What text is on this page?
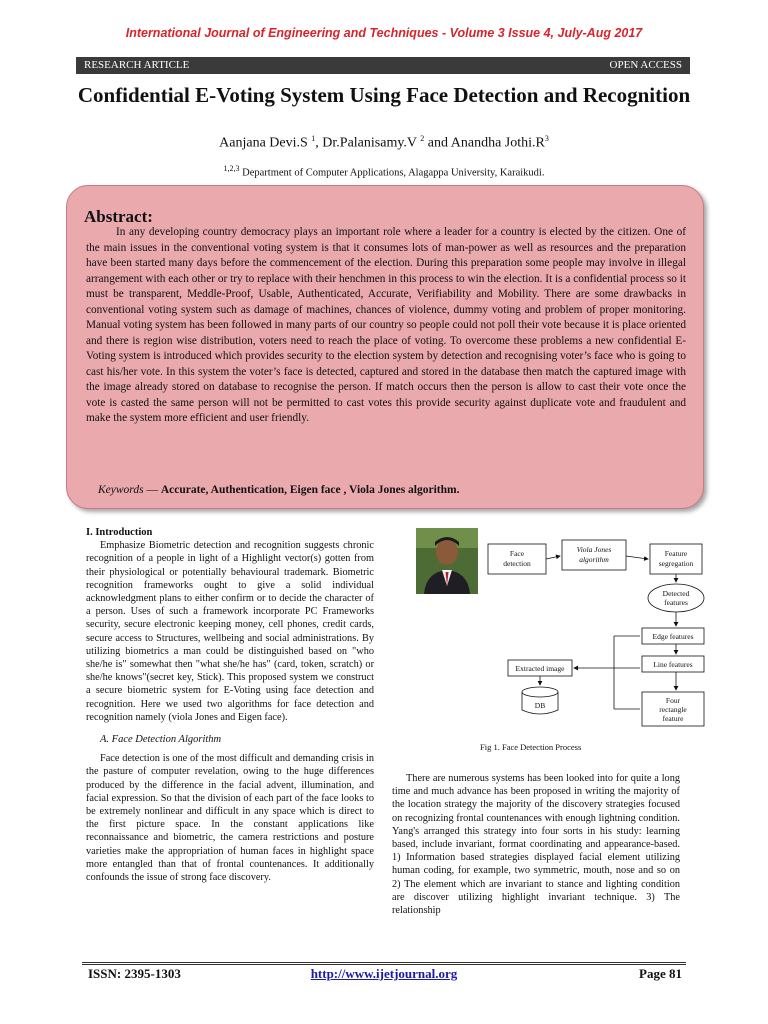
International Journal of Engineering and Techniques - Volume 3 Issue 4, July-Aug 2017
RESEARCH ARTICLE	OPEN ACCESS
Confidential E-Voting System Using Face Detection and Recognition
Aanjana Devi.S $^1$, Dr.Palanisamy.V $^2$ and Anandha $Jothi.R^3$
$^{1,2,3}$ Department of Computer Applications, Alagappa University, Karaikudi.
Abstract:
In any developing country democracy plays an important role where a leader for a country is elected by the citizen. One of the main issues in the conventional voting system is that it consumes lots of man-power as well as resources and the preparation have been started many days before the commencement of the election. During this preparation some people may involve in illegal arrangement with each other or try to replace with their henchmen in this process to win the election. It is a confidential process so it must be transparent, Meddle-Proof, Usable, Authenticated, Accurate, Verifiability and Mobility. There are some drawbacks in conventional voting system such as damage of machines, chances of violence, dummy voting and problem of proper monitoring. Manual voting system has been followed in many parts of our country so people could not poll their vote because it is place oriented and there is region wise distribution, voters need to reach the place of voting. To overcome these problems a new confidential E-Voting system is introduced which provides security to the election system by detection and recognising voter’s face who is going to cast his/her vote. In this system the voter’s face is detected, captured and stored in the database then match the captured image with the image already stored on database to recognise the person. If match occurs then the person is allow to cast their vote once the vote is casted the same person will not be permitted to cast votes this provide security against duplicate vote and fraudulent and make the system more efficient and user friendly.
Keywords — Accurate, Authentication, Eigen face , Viola Jones algorithm.

I. Introduction

Emphasize Biometric detection and recognition suggests chronic recognition of a people in light of a Highlight vector(s) gotten from their physiological or potentially behavioural trademark. Biometric recognition frameworks ought to give a solid individual acknowledgment plans to either confirm or to decide the character of a person. Uses of such a framework incorporate PC Frameworks security, secure electronic keeping money, cell phones, credit cards, secure access to Structures, wellbeing and social administrations. By utilizing biometrics a man could be distinguished based on "who she/he is" somewhat then "what she/he has" (card, token, scratch) or she/he knows"(secret key, Stick). This proposed system we construct a secure biometric system for E-Voting using face detection and recognition. Here we used two algorithms for face detection and recognition namely (viola Jones and Eigen face).

A. Face Detection Algorithm

Face detection is one of the most difficult and demanding crisis in the pasture of computer revelation, owing to the huge differences produced by the difference in the facial advent, illumination, and facial expression. So that the division of each part of the face looks to be extremely nonlinear and difficult in any space which is direct to the first picture space. In the constant applications like reconnaissance and biometric, the camera restrictions and posture varieties make the appropriation of human faces in highlight space more entangled than that of frontal countenances. It additionally confounds the issue of strong face discovery.

Face
detection
Viola Jones
algorithm
Feature
segregation
Detected
features
Edge features
Line features
Four
rectangle
feature
Extracted image
DB
Fig 1. Face Detection Process

There are numerous systems has been looked into for quite a long time and much advance has been proposed in writing the majority of the location strategy the majority of the discovery strategies focused on recognizing frontal countenances with enough lightning condition. Yang's arranged this strategy into four sorts in his study: learning based, include invariant, format coordinating and appearance-based. 1) Information based strategies displayed facial element utilizing human coding, for example, two symmetric, mouth, nose and so on 2) The element which are invariant to stance and lighting condition are discover utilizing highlight invariant technique. 3) The relationship

ISSN: 2395-1303	http://www.ijetjournal.org	Page 81
